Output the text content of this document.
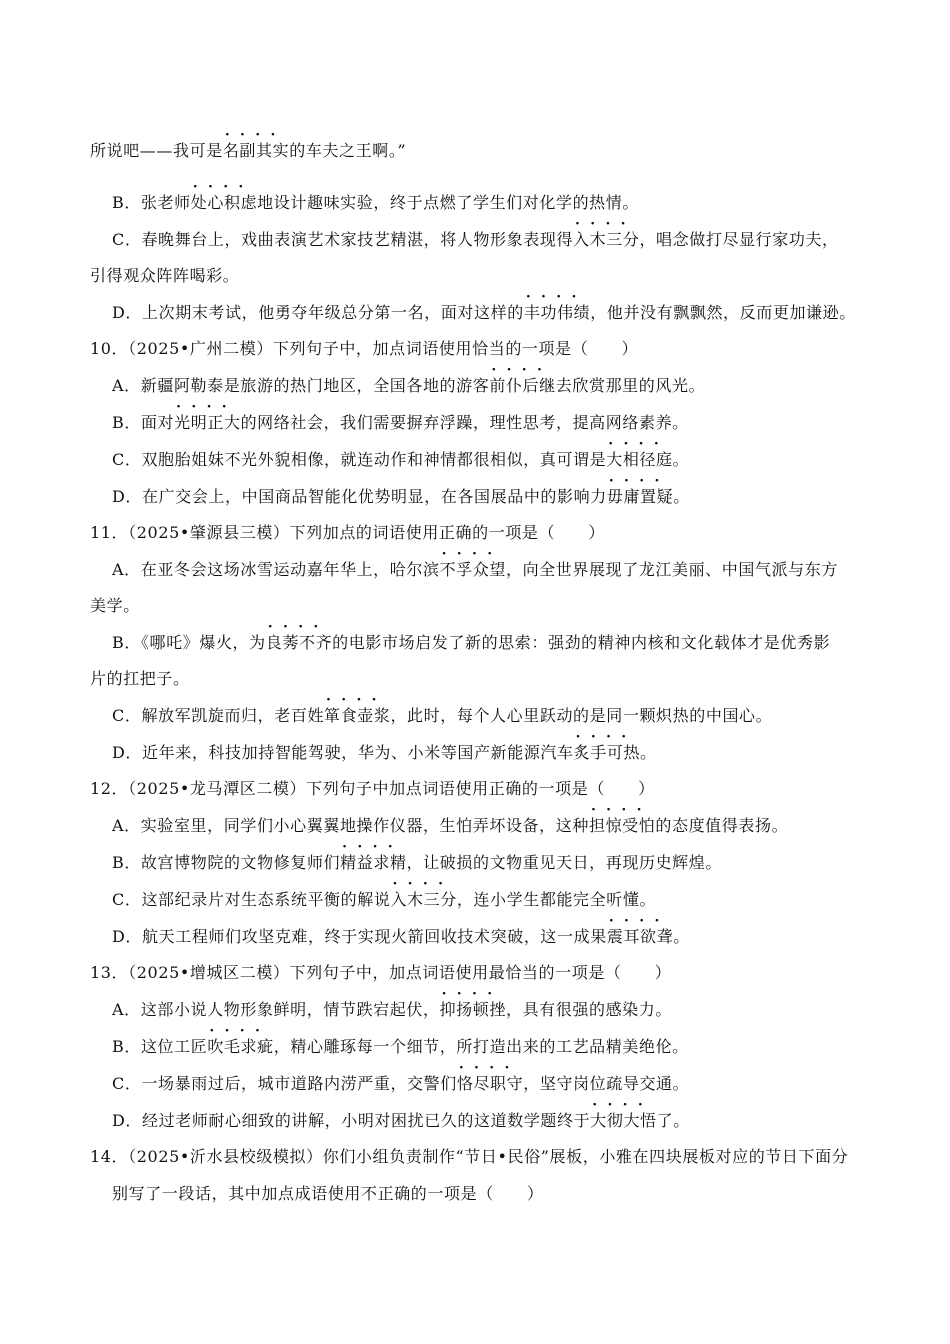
所说吧——我可是· · · · 名副其实的车夫之王啊。”
B．张老师· · · · 处心积虑地设计趣味实验，终于点燃了学生们对化学的热情。
C．春晚舞台上，戏曲表演艺术家技艺精湛，将人物形象表现得· · · · 入木三分，唱念做打尽显行家功夫，
引得观众阵阵喝彩。
D．上次期末考试，他勇夺年级总分第一名，面对这样的· · · · 丰功伟绩，他并没有飘飘然，反而更加谦逊。
10．（2025•广州二模）下列句子中，加点词语使用恰当的一项是（　　）
A．新疆阿勒泰是旅游的热门地区，全国各地的游客· · · · 前仆后继去欣赏那里的风光。
B．面对· · · · 光明正大的网络社会，我们需要摒弃浮躁，理性思考，提高网络素养。
C．双胞胎姐妹不光外貌相像，就连动作和神情都很相似，真可谓是· · · · 大相径庭。
D．在广交会上，中国商品智能化优势明显，在各国展品中的影响力· · · · 毋庸置疑。
11．（2025•肇源县三模）下列加点的词语使用正确的一项是（　　）
A．在亚冬会这场冰雪运动嘉年华上，哈尔滨· · · · 不孚众望，向全世界展现了龙江美丽、中国气派与东方
美学。
B．《哪吒》爆火，为· · · · 良莠不齐的电影市场启发了新的思索：强劲的精神内核和文化载体才是优秀影
片的扛把子。
C．解放军凯旋而归，老百姓· · · · 箪食壶浆，此时，每个人心里跃动的是同一颗炽热的中国心。
D．近年来，科技加持智能驾驶，华为、小米等国产新能源汽车· · · · 炙手可热。
12．（2025•龙马潭区二模）下列句子中加点词语使用正确的一项是（　　）
A．实验室里，同学们小心翼翼地操作仪器，生怕弄坏设备，这种· · · · 担惊受怕的态度值得表扬。
B．故宫博物院的文物修复师们· · · · 精益求精，让破损的文物重见天日，再现历史辉煌。
C．这部纪录片对生态系统平衡的解说· · · · 入木三分，连小学生都能完全听懂。
D．航天工程师们攻坚克难，终于实现火箭回收技术突破，这一成果· · · · 震耳欲聋。
13．（2025•增城区二模）下列句子中，加点词语使用最恰当的一项是（　　）
A．这部小说人物形象鲜明，情节跌宕起伏，· · · · 抑扬顿挫，具有很强的感染力。
B．这位工匠· · · · 吹毛求疵，精心雕琢每一个细节，所打造出来的工艺品精美绝伦。
C．一场暴雨过后，城市道路内涝严重，交警们· · · · 恪尽职守，坚守岗位疏导交通。
D．经过老师耐心细致的讲解，小明对困扰已久的这道数学题终于· · · · 大彻大悟了。
14．（2025•沂水县校级模拟）你们小组负责制作“节日•民俗”展板，小雅在四块展板对应的节日下面分
别写了一段话，其中加点成语使用不正确的一项是（　　）
